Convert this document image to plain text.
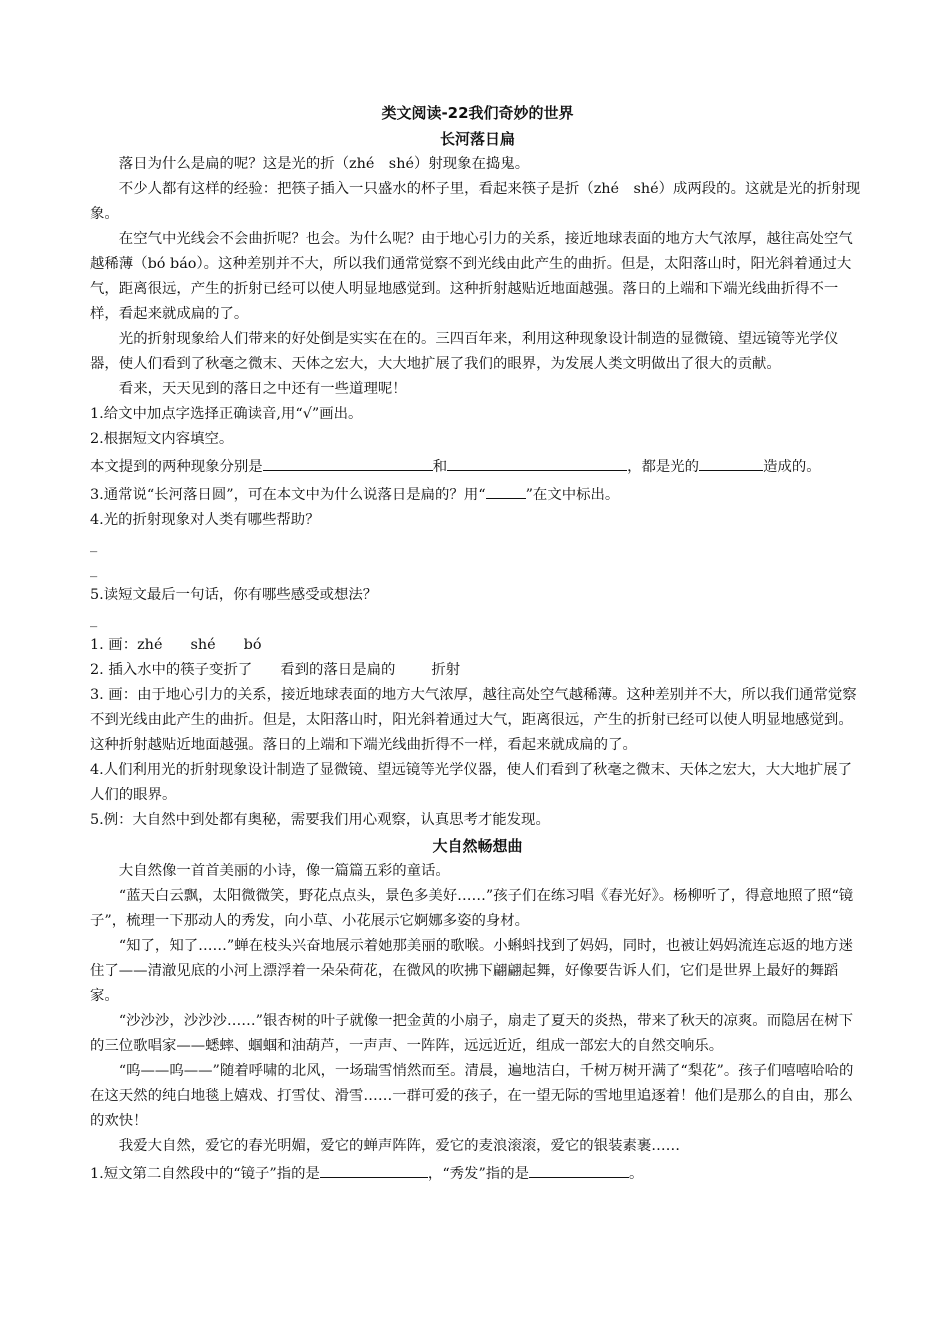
类文阅读-22我们奇妙的世界
长河落日扁

落日为什么是扁的呢？这是光的折（zhé　shé）射现象在捣鬼。

不少人都有这样的经验：把筷子插入一只盛水的杯子里，看起来筷子是折（zhé　shé）成两段的。这就是光的折射现象。

在空气中光线会不会曲折呢？也会。为什么呢？由于地心引力的关系，接近地球表面的地方大气浓厚，越往高处空气越稀薄（bó báo）。这种差别并不大，所以我们通常觉察不到光线由此产生的曲折。但是，太阳落山时，阳光斜着通过大气，距离很远，产生的折射已经可以使人明显地感觉到。这种折射越贴近地面越强。落日的上端和下端光线曲折得不一样，看起来就成扁的了。

光的折射现象给人们带来的好处倒是实实在在的。三四百年来，利用这种现象设计制造的显微镜、望远镜等光学仪器，使人们看到了秋毫之微末、天体之宏大，大大地扩展了我们的眼界，为发展人类文明做出了很大的贡献。

看来，天天见到的落日之中还有一些道理呢！

1.给文中加点字选择正确读音,用“√”画出。

2.根据短文内容填空。

本文提到的两种现象分别是	和	，都是光的	造成的。

3.通常说“长河落日圆”，可在本文中为什么说落日是扁的？用“	”在文中标出。

4.光的折射现象对人类有哪些帮助？

_

_

5.读短文最后一句话，你有哪些感受或想法？

_

1. 画：zhé shé bó

2. 插入水中的筷子变折了 看到的落日是扁的	折射

3. 画：由于地心引力的关系，接近地球表面的地方大气浓厚，越往高处空气越稀薄。这种差别并不大，所以我们通常觉察不到光线由此产生的曲折。但是，太阳落山时，阳光斜着通过大气，距离很远，产生的折射已经可以使人明显地感觉到。这种折射越贴近地面越强。落日的上端和下端光线曲折得不一样，看起来就成扁的了。

4.人们利用光的折射现象设计制造了显微镜、望远镜等光学仪器，使人们看到了秋毫之微末、天体之宏大，大大地扩展了人们的眼界。

5.例：大自然中到处都有奥秘，需要我们用心观察，认真思考才能发现。

大自然畅想曲

大自然像一首首美丽的小诗，像一篇篇五彩的童话。

“蓝天白云飘，太阳微微笑，野花点点头，景色多美好……”孩子们在练习唱《春光好》。杨柳听了，得意地照了照“镜子”，梳理一下那动人的秀发，向小草、小花展示它婀娜多姿的身材。

“知了，知了……”蝉在枝头兴奋地展示着她那美丽的歌喉。小蝌蚪找到了妈妈，同时，也被让妈妈流连忘返的地方迷住了——清澈见底的小河上漂浮着一朵朵荷花，在微风的吹拂下翩翩起舞，好像要告诉人们，它们是世界上最好的舞蹈家。

“沙沙沙，沙沙沙……”银杏树的叶子就像一把金黄的小扇子，扇走了夏天的炎热，带来了秋天的凉爽。而隐居在树下的三位歌唱家——蟋蟀、蝈蝈和油葫芦，一声声、一阵阵，远远近近，组成一部宏大的自然交响乐。

“呜——呜——”随着呼啸的北风，一场瑞雪悄然而至。清晨，遍地洁白，千树万树开满了“梨花”。孩子们嘻嘻哈哈的在这天然的纯白地毯上嬉戏、打雪仗、滑雪……一群可爱的孩子，在一望无际的雪地里追逐着！他们是那么的自由，那么的欢快！

我爱大自然，爱它的春光明媚，爱它的蝉声阵阵，爱它的麦浪滚滚，爱它的银装素裹……

1.短文第二自然段中的“镜子”指的是	，“秀发”指的是	。
